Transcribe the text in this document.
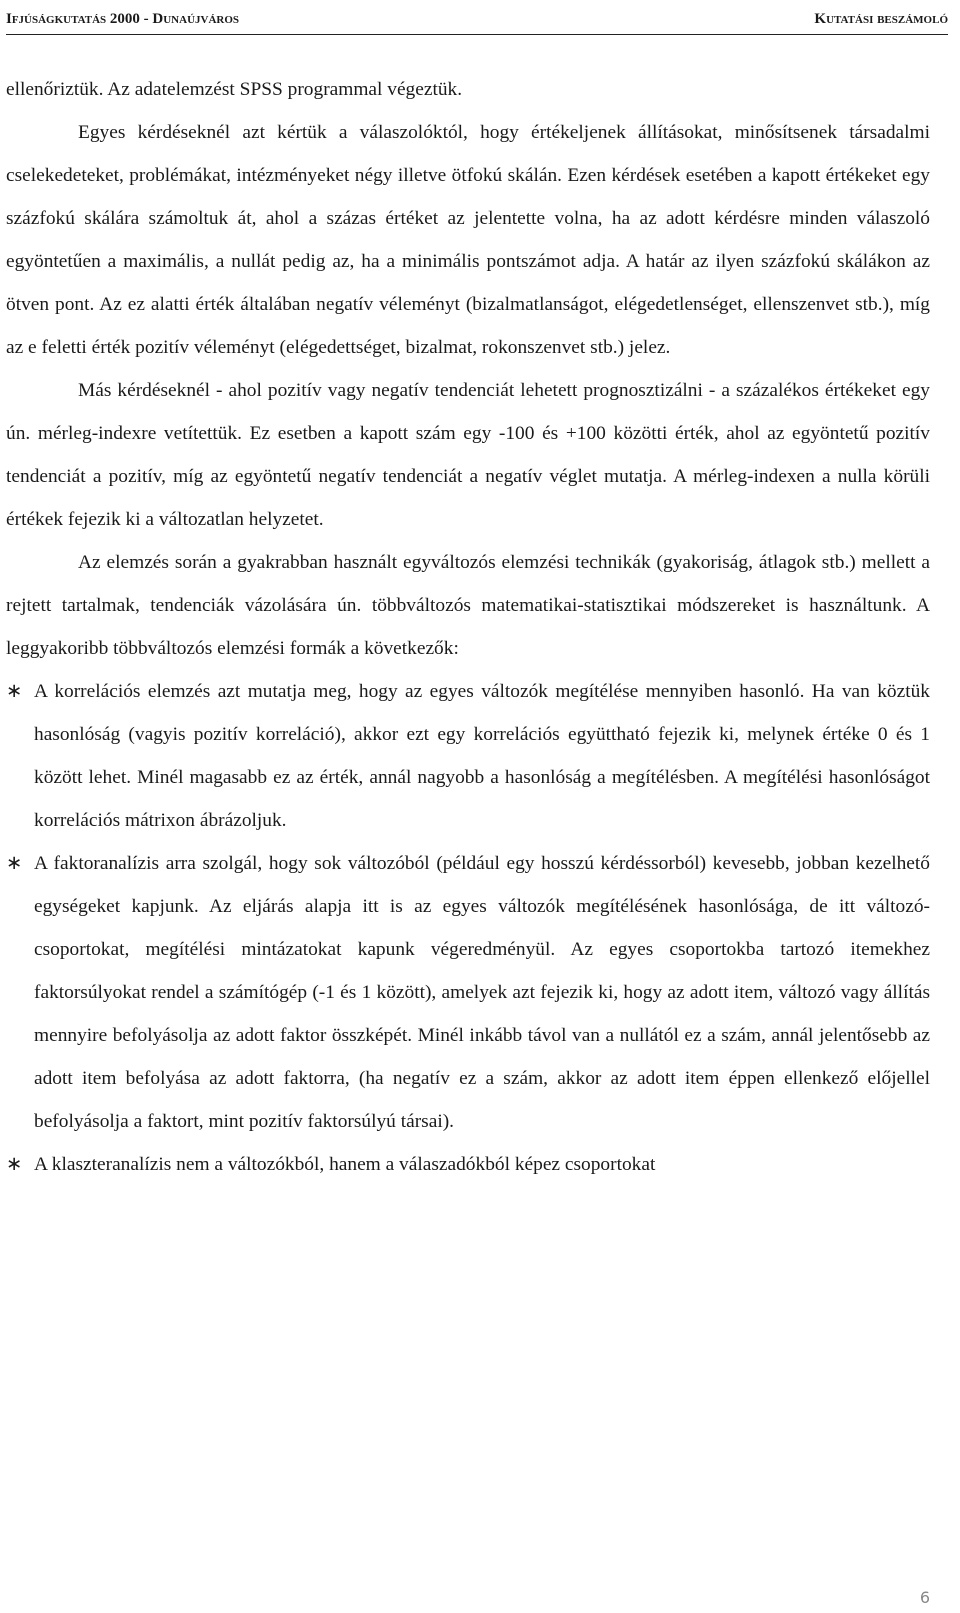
Ifjúságkutatás 2000 - Dunaújváros	Kutatási beszámoló

ellenőriztük. Az adatelemzést SPSS programmal végeztük.

Egyes kérdéseknél azt kértük a válaszolóktól, hogy értékeljenek állításokat, minősítsenek társadalmi cselekedeteket, problémákat, intézményeket négy illetve ötfokú skálán. Ezen kérdések esetében a kapott értékeket egy százfokú skálára számoltuk át, ahol a százas értéket az jelentette volna, ha az adott kérdésre minden válaszoló egyöntetűen a maximális, a nullát pedig az, ha a minimális pontszámot adja. A határ az ilyen százfokú skálákon az ötven pont. Az ez alatti érték általában negatív véleményt (bizalmatlanságot, elégedetlenséget, ellenszenvet stb.), míg az e feletti érték pozitív véleményt (elégedettséget, bizalmat, rokonszenvet stb.) jelez.

Más kérdéseknél - ahol pozitív vagy negatív tendenciát lehetett prognosztizálni - a százalékos értékeket egy ún. mérleg-indexre vetítettük. Ez esetben a kapott szám egy -100 és +100 közötti érték, ahol az egyöntetű pozitív tendenciát a pozitív, míg az egyöntetű negatív tendenciát a negatív véglet mutatja. A mérleg-indexen a nulla körüli értékek fejezik ki a változatlan helyzetet.

Az elemzés során a gyakrabban használt egyváltozós elemzési technikák (gyakoriság, átlagok stb.) mellett a rejtett tartalmak, tendenciák vázolására ún. többváltozós matematikai-statisztikai módszereket is használtunk. A leggyakoribb többváltozós elemzési formák a következők:

∗ A korrelációs elemzés azt mutatja meg, hogy az egyes változók megítélése mennyiben hasonló. Ha van köztük hasonlóság (vagyis pozitív korreláció), akkor ezt egy korrelációs együttható fejezik ki, melynek értéke 0 és 1 között lehet. Minél magasabb ez az érték, annál nagyobb a hasonlóság a megítélésben. A megítélési hasonlóságot korrelációs mátrixon ábrázoljuk.
∗ A faktoranalízis arra szolgál, hogy sok változóból (például egy hosszú kérdéssorból) kevesebb, jobban kezelhető egységeket kapjunk. Az eljárás alapja itt is az egyes változók megítélésének hasonlósága, de itt változó-csoportokat, megítélési mintázatokat kapunk végeredményül. Az egyes csoportokba tartozó itemekhez faktorsúlyokat rendel a számítógép (-1 és 1 között), amelyek azt fejezik ki, hogy az adott item, változó vagy állítás mennyire befolyásolja az adott faktor összképét. Minél inkább távol van a nullától ez a szám, annál jelentősebb az adott item befolyása az adott faktorra, (ha negatív ez a szám, akkor az adott item éppen ellenkező előjellel befolyásolja a faktort, mint pozitív faktorsúlyú társai).
∗ A klaszteranalízis nem a változókból, hanem a válaszadókból képez csoportokat
6
